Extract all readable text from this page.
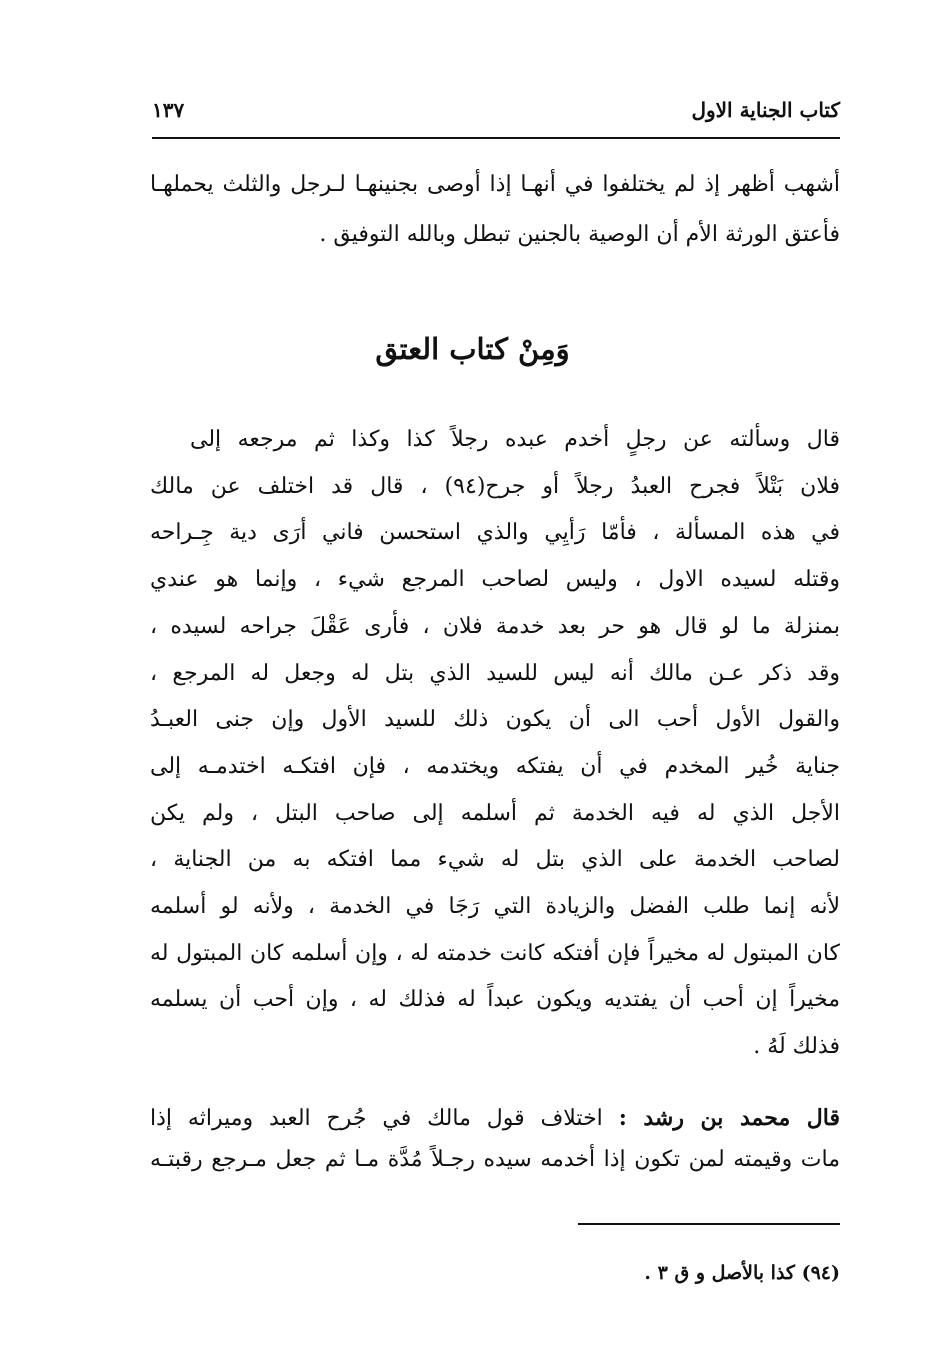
كتاب الجناية الاول
١٣٧
أشهب أظهر إذ لم يختلفوا في أنهـا إذا أوصى بجنينهـا لـرجل والثلث يحملهـا
فأعتق الورثة الأم أن الوصية بالجنين تبطل وبالله التوفيق .
وَمِنْ كتاب العتق
قال وسألته عن رجلٍ أخدم عبده رجلاً كذا وكذا ثم مرجعه إلى
فلان بَتْلاً فجرح العبدُ رجلاً أو جرح(٩٤) ، قال قد اختلف عن مالك
في هذه المسألة ، فأمّا رَأيِي والذي استحسن فاني أرَى دية جِـراحه
وقتله لسيده الاول ، وليس لصاحب المرجع شيء ، وإنما هو عندي
بمنزلة ما لو قال هو حر بعد خدمة فلان ، فأرى عَقْلَ جراحه لسيده ،
وقد ذكر عـن مالك أنه ليس للسيد الذي بتل له وجعل له المرجع ،
والقول الأول أحب الى أن يكون ذلك للسيد الأول وإن جنى العبـدُ
جناية خُير المخدم في أن يفتكه ويختدمه ، فإن افتكـه اختدمـه إلى
الأجل الذي له فيه الخدمة ثم أسلمه إلى صاحب البتل ، ولم يكن
لصاحب الخدمة على الذي بتل له شيء مما افتكه به من الجناية ،
لأنه إنما طلب الفضل والزيادة التي رَجَا في الخدمة ، ولأنه لو أسلمه
كان المبتول له مخيراً فإن أفتكه كانت خدمته له ، وإن أسلمه كان المبتول له
مخيراً إن أحب أن يفتديه ويكون عبداً له فذلك له ، وإن أحب أن يسلمه
فذلك لَهُ .
قال محمد بن رشد : اختلاف قول مالك في جُرح العبد وميراثه إذا
مات وقيمته لمن تكون إذا أخدمه سيده رجـلاً مُدَّة مـا ثم جعل مـرجع رقبتـه
(٩٤) كذا بالأصل و ق ٣ .
